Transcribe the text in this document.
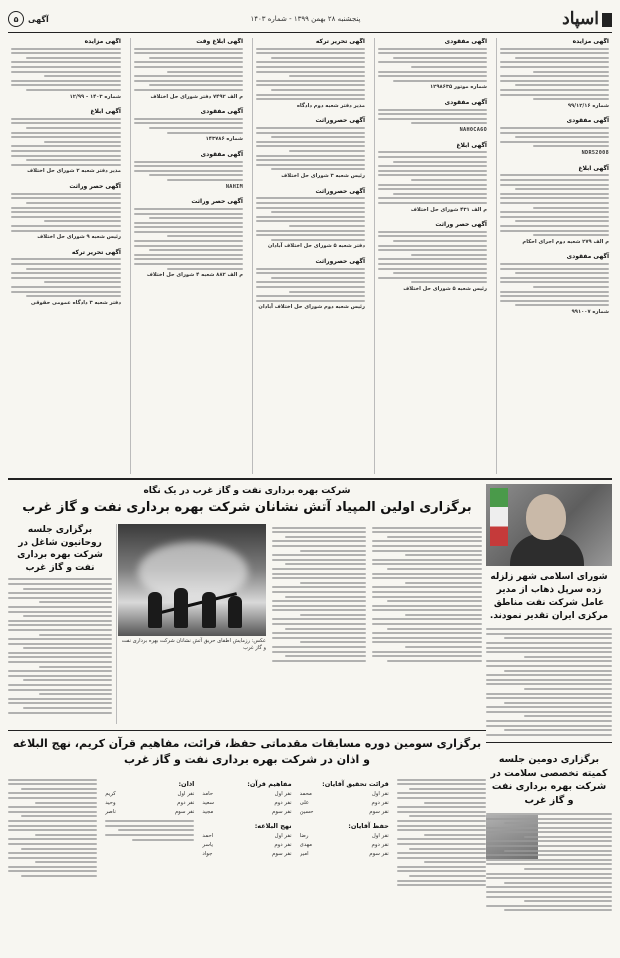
اسپاد
پنجشنبه ۲۸ بهمن ۱۳۹۹ - شماره ۱۴۰۳
آگهی
۵
آگهی مزایده
شماره ۹۹/۱۲/۱۶
آگهی مفقودی
NDR52008
آگهی ابلاغ
م الف ۲۷۹ شعبه دوم اجرای احکام
آگهی مفقودی
شماره ۹۹۱۰۰۷
آگهی مفقودی
شماره موتور ۱۲۹۸۶۳۵
آگهی مفقودی
NAH0CA6O
آگهی ابلاغ
م الف ۴۳۱ شورای حل اختلاف
آگهی حصر وراثت
رئیس شعبه ۵ شورای حل اختلاف
آگهی تحریر ترکه
مدیر دفتر شعبه دوم دادگاه
آگهی حصروراثت
رئیس شعبه ۳ شورای حل اختلاف
آگهی حصروراثت
دفتر شعبه ۵ شورای حل اختلاف آبادان
آگهی حصروراثت
رئیس شعبه دوم شورای حل اختلاف آبادان
آگهی ابلاغ وقت
م الف ۷۴۹۲ دفتر شورای حل اختلاف
آگهی مفقودی
شماره ۱۴۳۷۸۶
آگهی مفقودی
NAHIM
آگهی حصر وراثت
م الف ۸۸۲ شعبه ۴ شورای حل اختلاف
آگهی مزایده
شماره ۱۴۰۳ - ۱۲/۹۹
آگهی ابلاغ
مدیر دفتر شعبه ۲ شورای حل اختلاف
آگهی حصر وراثت
رئیس شعبه ۹ شورای حل اختلاف
آگهی تحریر ترکه
دفتر شعبه ۳ دادگاه عمومی حقوقی
شورای اسلامی شهر زلزله زده سرپل ذهاب از مدیر عامل شرکت نفت مناطق مرکزی ایران تقدیر نمودند.
برگزاری دومین جلسه کمیته تخصصی سلامت در شرکت بهره برداری نفت و گاز غرب
شرکت بهره برداری نفت و گاز غرب در یک نگاه
برگزاری اولین المپیاد آتش نشانان شرکت بهره برداری نفت و گاز غرب
برگزاری جلسه روحانیون شاغل در شرکت بهره برداری نفت و گاز غرب
عکس: رزمایش اطفای حریق آتش نشانان شرکت بهره برداری نفت و گاز غرب
برگزاری سومین دوره مسابقات مقدماتی حفظ، قرائت، مفاهیم قرآن کریم، نهج البلاغه و اذان در شرکت بهره برداری نفت و گاز غرب
قرائت تحقیق آقایان:
نفر اول
محمد
نفر دوم
علی
نفر سوم
حسین
حفظ آقایان:
نفر اول
رضا
نفر دوم
مهدی
نفر سوم
امیر
مفاهیم قرآن:
نفر اول
حامد
نفر دوم
سعید
نفر سوم
مجید
نهج البلاغه:
نفر اول
احمد
نفر دوم
یاسر
نفر سوم
جواد
اذان:
نفر اول
کریم
نفر دوم
وحید
نفر سوم
ناصر
